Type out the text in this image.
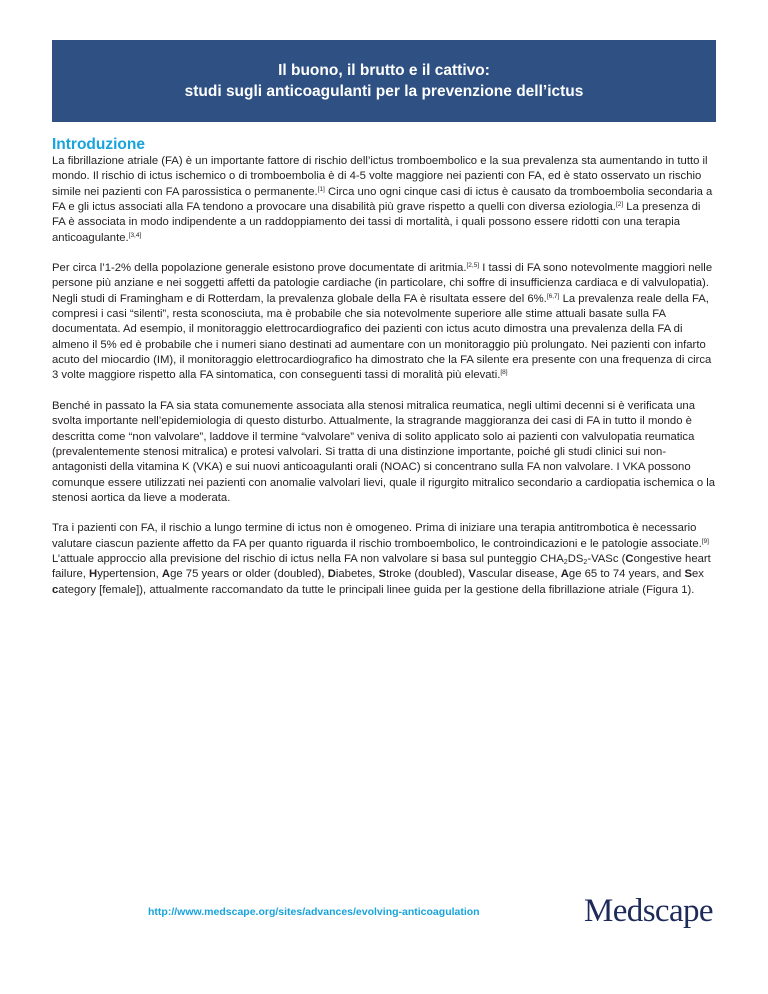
Il buono, il brutto e il cattivo:
studi sugli anticoagulanti per la prevenzione dell’ictus
Introduzione

La fibrillazione atriale (FA) è un importante fattore di rischio dell’ictus tromboembolico e la sua prevalenza sta aumentando in tutto il mondo. Il rischio di ictus ischemico o di tromboembolia è di 4-5 volte maggiore nei pazienti con FA, ed è stato osservato un rischio simile nei pazienti con FA parossistica o permanente.[1] Circa uno ogni cinque casi di ictus è causato da tromboembolia secondaria a FA e gli ictus associati alla FA tendono a provocare una disabilità più grave rispetto a quelli con diversa eziologia.[2] La presenza di FA è associata in modo indipendente a un raddoppiamento dei tassi di mortalità, i quali possono essere ridotti con una terapia anticoagulante.[3,4]

Per circa l’1-2% della popolazione generale esistono prove documentate di aritmia.[2,5] I tassi di FA sono notevolmente maggiori nelle persone più anziane e nei soggetti affetti da patologie cardiache (in particolare, chi soffre di insufficienza cardiaca e di valvulopatia). Negli studi di Framingham e di Rotterdam, la prevalenza globale della FA è risultata essere del 6%.[6,7] La prevalenza reale della FA, compresi i casi “silenti”, resta sconosciuta, ma è probabile che sia notevolmente superiore alle stime attuali basate sulla FA documentata. Ad esempio, il monitoraggio elettrocardiografico dei pazienti con ictus acuto dimostra una prevalenza della FA di almeno il 5% ed è probabile che i numeri siano destinati ad aumentare con un monitoraggio più prolungato. Nei pazienti con infarto acuto del miocardio (IM), il monitoraggio elettrocardiografico ha dimostrato che la FA silente era presente con una frequenza di circa 3 volte maggiore rispetto alla FA sintomatica, con conseguenti tassi di moralità più elevati.[8]

Benché in passato la FA sia stata comunemente associata alla stenosi mitralica reumatica, negli ultimi decenni si è verificata una svolta importante nell’epidemiologia di questo disturbo. Attualmente, la stragrande maggioranza dei casi di FA in tutto il mondo è descritta come “non valvolare”, laddove il termine “valvolare” veniva di solito applicato solo ai pazienti con valvulopatia reumatica (prevalentemente stenosi mitralica) e protesi valvolari. Si tratta di una distinzione importante, poiché gli studi clinici sui non-antagonisti della vitamina K (VKA) e sui nuovi anticoagulanti orali (NOAC) si concentrano sulla FA non valvolare. I VKA possono comunque essere utilizzati nei pazienti con anomalie valvolari lievi, quale il rigurgito mitralico secondario a cardiopatia ischemica o la stenosi aortica da lieve a moderata.

Tra i pazienti con FA, il rischio a lungo termine di ictus non è omogeneo. Prima di iniziare una terapia antitrombotica è necessario valutare ciascun paziente affetto da FA per quanto riguarda il rischio tromboembolico, le controindicazioni e le patologie associate.[9] L’attuale approccio alla previsione del rischio di ictus nella FA non valvolare si basa sul punteggio $CHA_2DS_2$-VASc (Congestive heart failure, Hypertension, Age 75 years or older (doubled), Diabetes, Stroke (doubled), Vascular disease, Age 65 to 74 years, and Sex category [female]), attualmente raccomandato da tutte le principali linee guida per la gestione della fibrillazione atriale (Figura 1).

http://www.medscape.org/sites/advances/evolving-anticoagulation	Medscape
